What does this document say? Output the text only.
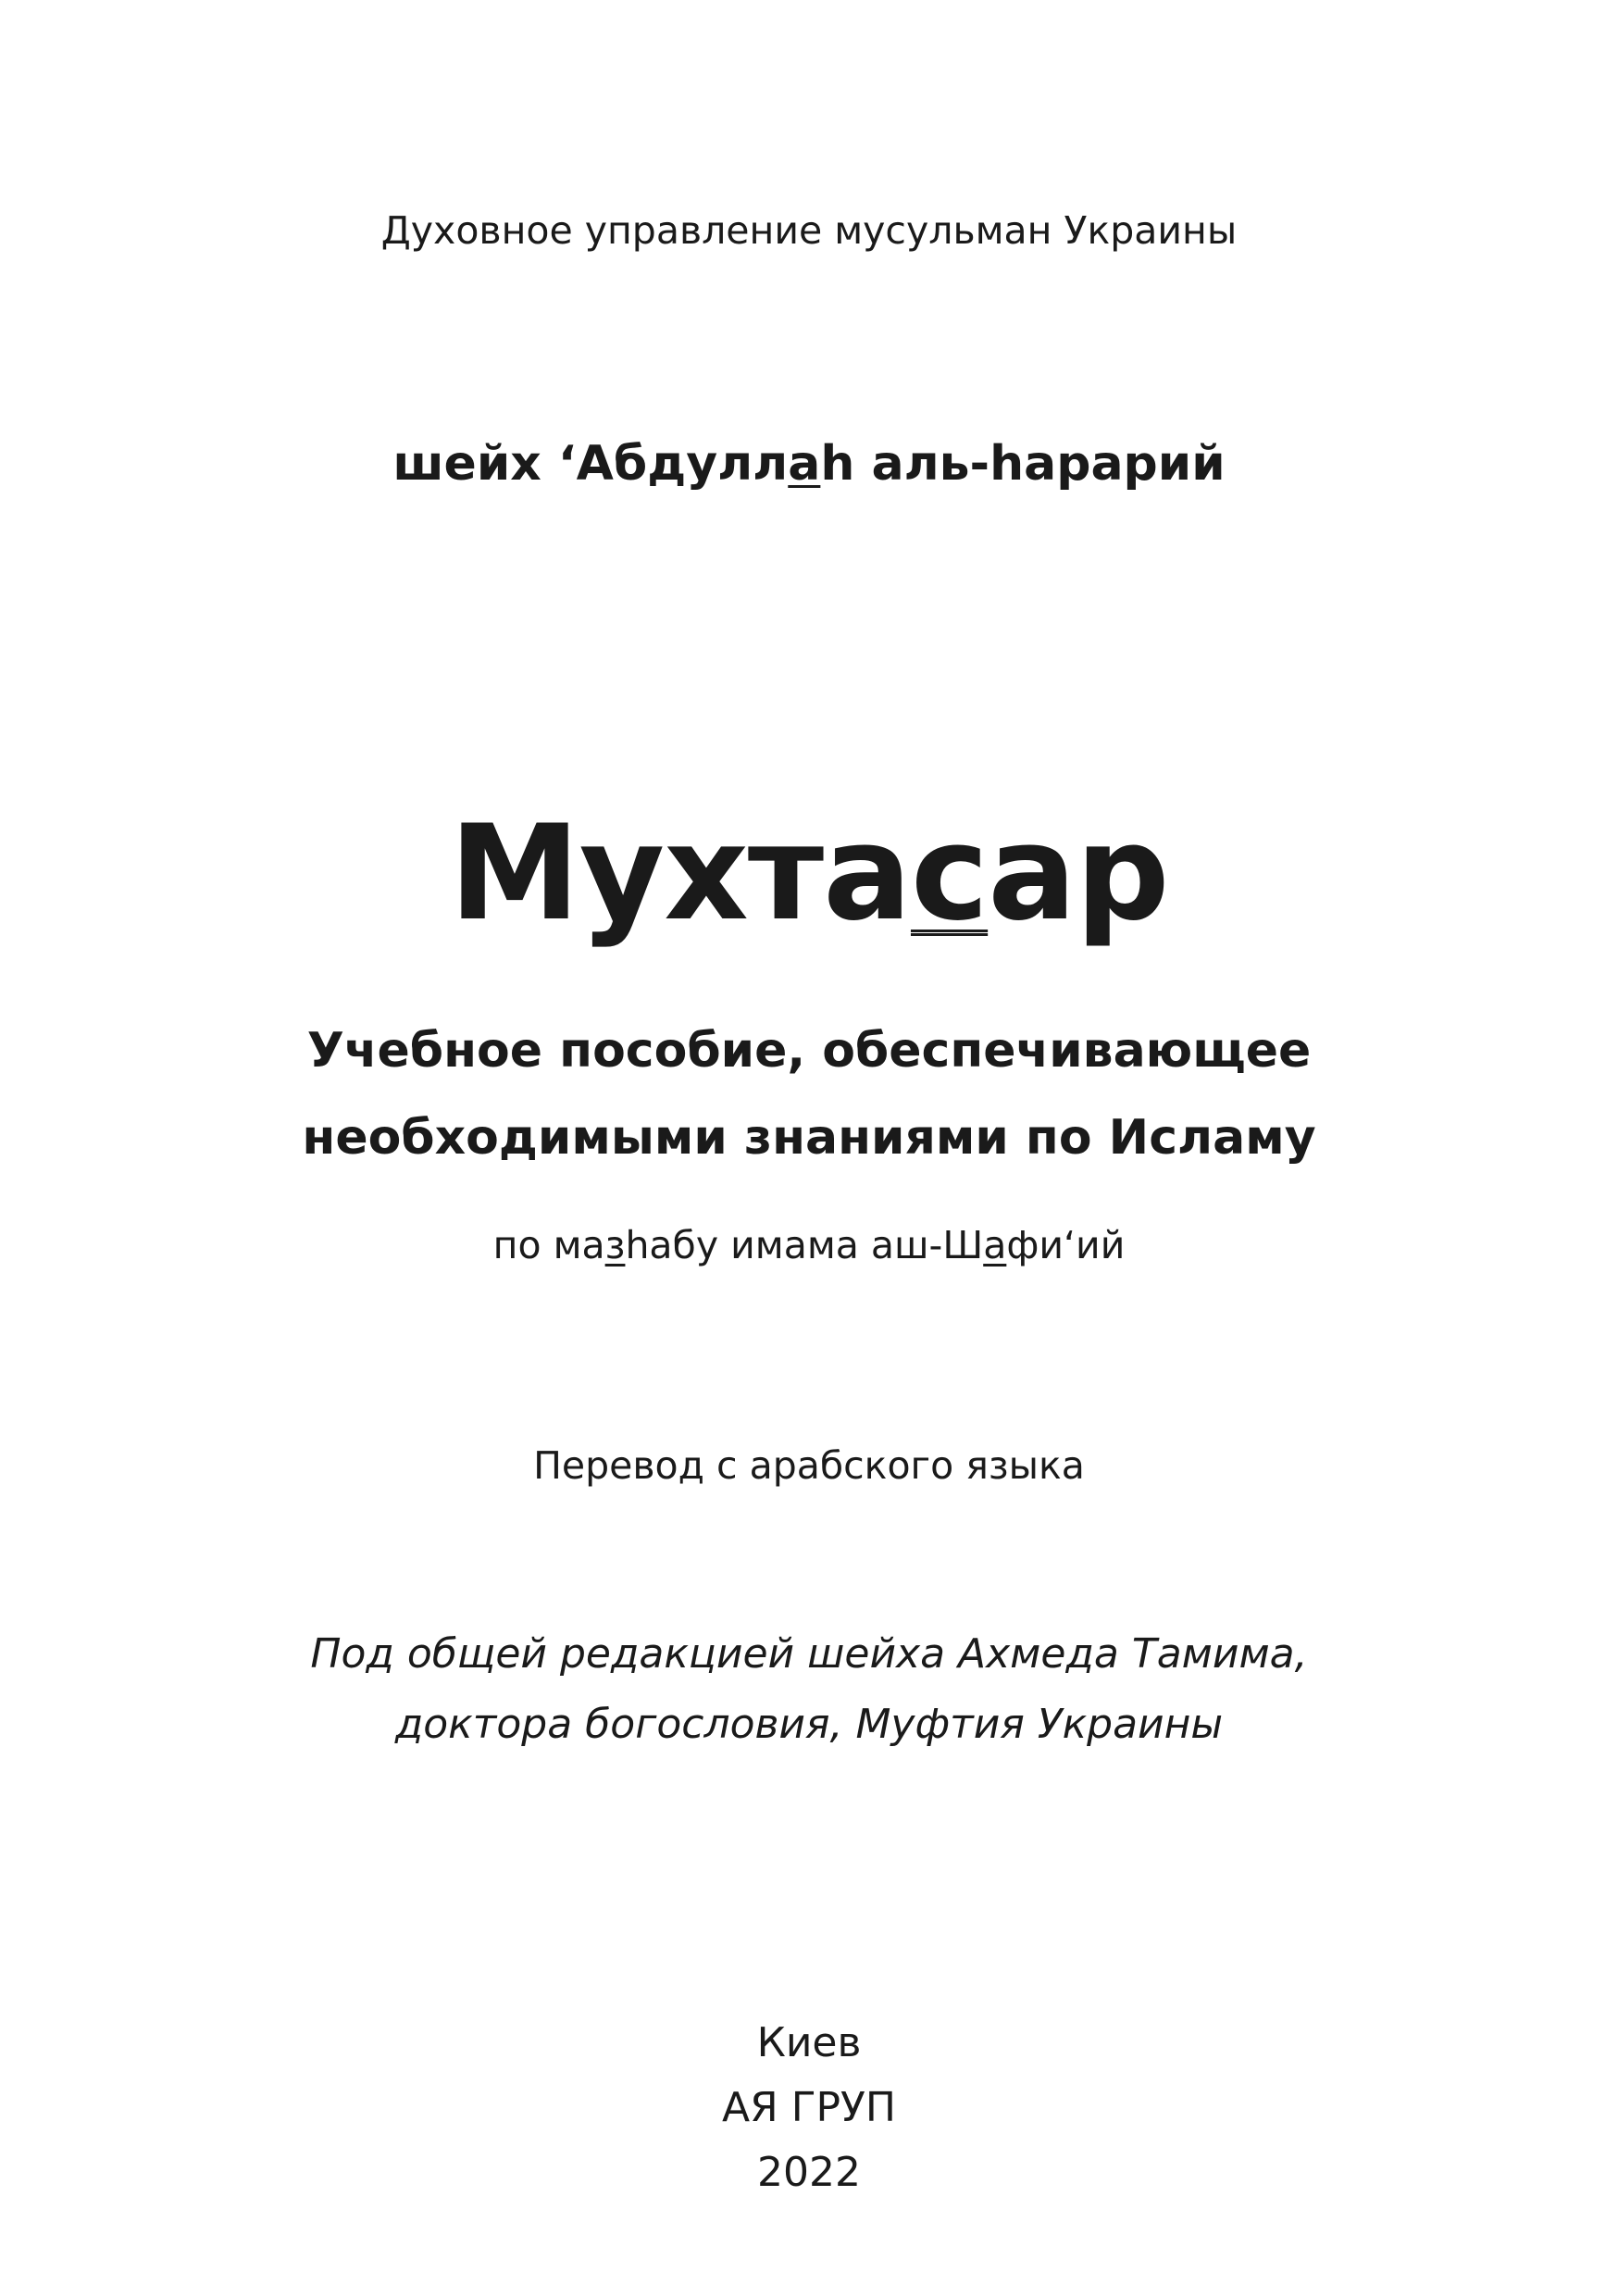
Духовное управление мусульман Украины
шейх ‘Абдуллаһ аль-һарарий
Мухтасар
Учебное пособие, обеспечивающее
необходимыми знаниями по Исламу
по мазһабу имама аш-Шафи‘ий
Перевод с арабского языка
Под общей редакцией шейха Ахмеда Тамима,
доктора богословия, Муфтия Украины
Киев
АЯ ГРУП
2022
